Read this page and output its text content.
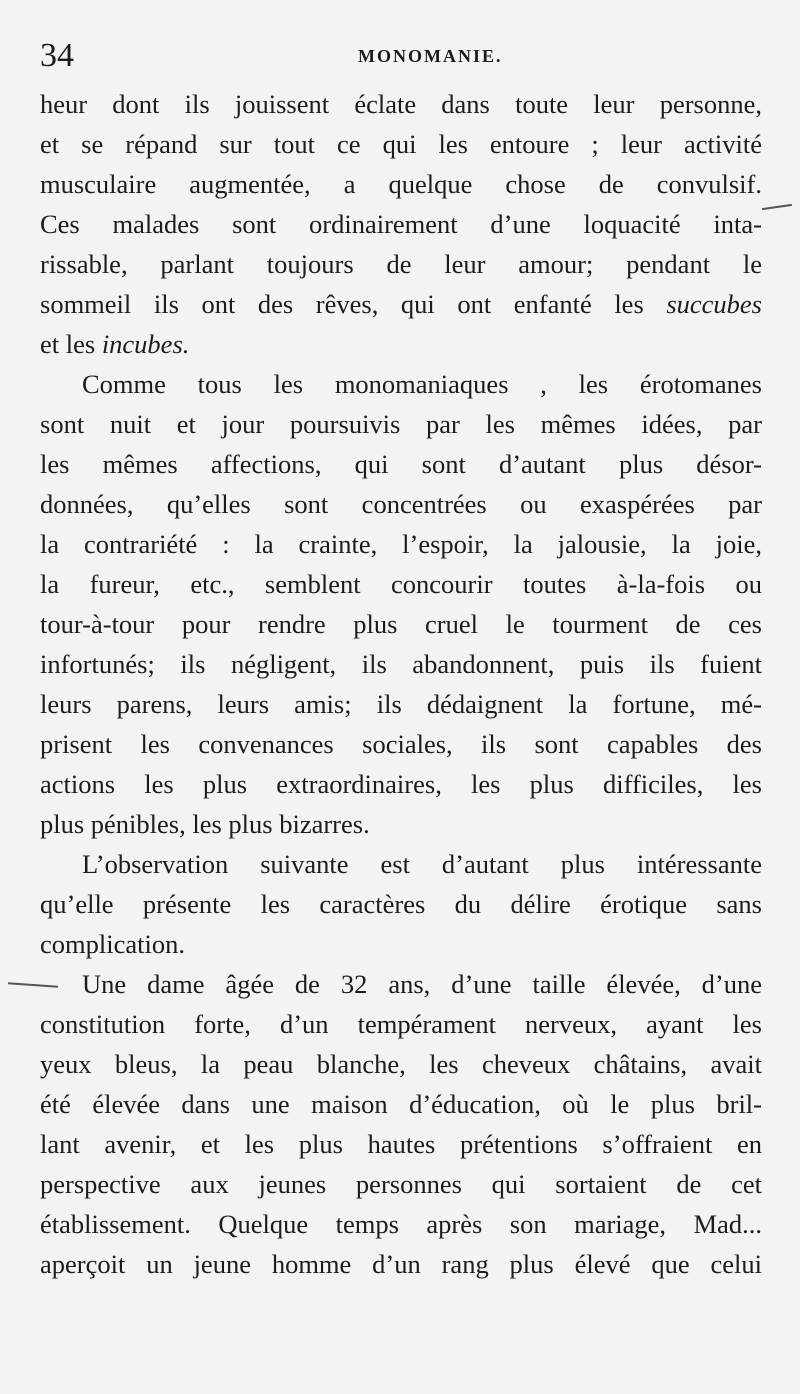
34	MONOMANIE.
heur dont ils jouissent éclate dans toute leur personne,
et se répand sur tout ce qui les entoure ; leur activité
musculaire augmentée, a quelque chose de convulsif.
Ces malades sont ordinairement d’une loquacité inta-
rissable, parlant toujours de leur amour; pendant le
sommeil ils ont des rêves, qui ont enfanté les succubes
et les incubes.
Comme tous les monomaniaques , les érotomanes
sont nuit et jour poursuivis par les mêmes idées, par
les mêmes affections, qui sont d’autant plus désor-
données, qu’elles sont concentrées ou exaspérées par
la contrariété : la crainte, l’espoir, la jalousie, la joie,
la fureur, etc., semblent concourir toutes à-la-fois ou
tour-à-tour pour rendre plus cruel le tourment de ces
infortunés; ils négligent, ils abandonnent, puis ils fuient
leurs parens, leurs amis; ils dédaignent la fortune, mé-
prisent les convenances sociales, ils sont capables des
actions les plus extraordinaires, les plus difficiles, les
plus pénibles, les plus bizarres.
L’observation suivante est d’autant plus intéressante
qu’elle présente les caractères du délire érotique sans
complication.
Une dame âgée de 32 ans, d’une taille élevée, d’une
constitution forte, d’un tempérament nerveux, ayant les
yeux bleus, la peau blanche, les cheveux châtains, avait
été élevée dans une maison d’éducation, où le plus bril-
lant avenir, et les plus hautes prétentions s’offraient en
perspective aux jeunes personnes qui sortaient de cet
établissement. Quelque temps après son mariage, Mad...
aperçoit un jeune homme d’un rang plus élevé que celui
